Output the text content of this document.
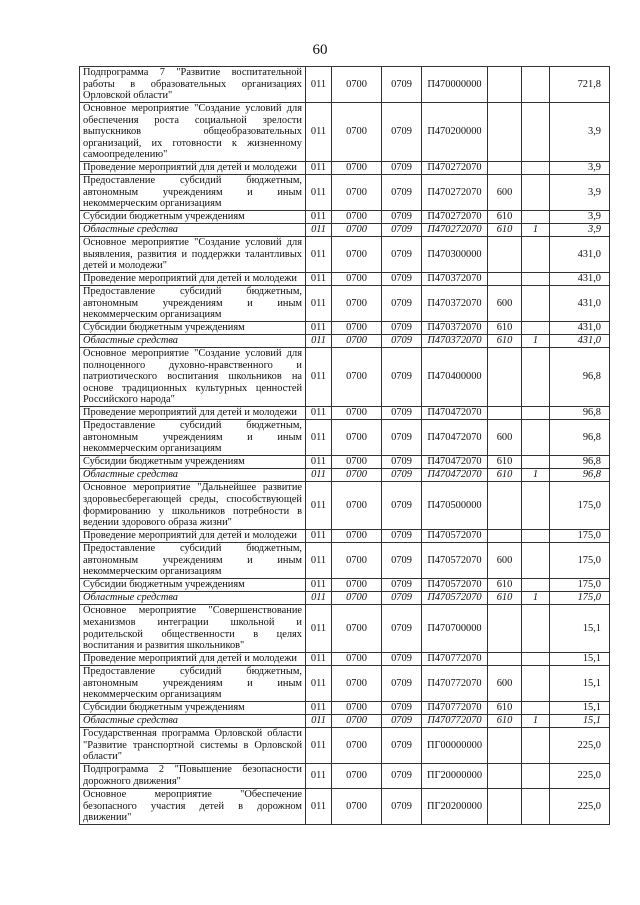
60
Подпрограмма 7 "Развитие воспитательной работы в образовательных организациях Орловской области"	011	0700	0709	П470000000			721,8
Основное мероприятие "Создание условий для обеспечения роста социальной зрелости выпускников общеобразовательных организаций, их готовности к жизненному самоопределению"	011	0700	0709	П470200000			3,9
Проведение мероприятий для детей и молодежи	011	0700	0709	П470272070			3,9
Предоставление субсидий бюджетным, автономным учреждениям и иным некоммерческим организациям	011	0700	0709	П470272070	600		3,9
Субсидии бюджетным учреждениям	011	0700	0709	П470272070	610		3,9
Областные средства	011	0700	0709	П470272070	610	1	3,9
Основное мероприятие "Создание условий для выявления, развития и поддержки талантливых детей и молодежи"	011	0700	0709	П470300000			431,0
Проведение мероприятий для детей и молодежи	011	0700	0709	П470372070			431,0
Предоставление субсидий бюджетным, автономным учреждениям и иным некоммерческим организациям	011	0700	0709	П470372070	600		431,0
Субсидии бюджетным учреждениям	011	0700	0709	П470372070	610		431,0
Областные средства	011	0700	0709	П470372070	610	1	431,0
Основное мероприятие "Создание условий для полноценного духовно-нравственного и патриотического воспитания школьников на основе традиционных культурных ценностей Российского народа"	011	0700	0709	П470400000			96,8
Проведение мероприятий для детей и молодежи	011	0700	0709	П470472070			96,8
Предоставление субсидий бюджетным, автономным учреждениям и иным некоммерческим организациям	011	0700	0709	П470472070	600		96,8
Субсидии бюджетным учреждениям	011	0700	0709	П470472070	610		96,8
Областные средства	011	0700	0709	П470472070	610	1	96,8
Основное мероприятие "Дальнейшее развитие здоровьесберегающей среды, способствующей формированию у школьников потребности в ведении здорового образа жизни"	011	0700	0709	П470500000			175,0
Проведение мероприятий для детей и молодежи	011	0700	0709	П470572070			175,0
Предоставление субсидий бюджетным, автономным учреждениям и иным некоммерческим организациям	011	0700	0709	П470572070	600		175,0
Субсидии бюджетным учреждениям	011	0700	0709	П470572070	610		175,0
Областные средства	011	0700	0709	П470572070	610	1	175,0
Основное мероприятие "Совершенствование механизмов интеграции школьной и родительской общественности в целях воспитания и развития школьников"	011	0700	0709	П470700000			15,1
Проведение мероприятий для детей и молодежи	011	0700	0709	П470772070			15,1
Предоставление субсидий бюджетным, автономным учреждениям и иным некоммерческим организациям	011	0700	0709	П470772070	600		15,1
Субсидии бюджетным учреждениям	011	0700	0709	П470772070	610		15,1
Областные средства	011	0700	0709	П470772070	610	1	15,1
Государственная программа Орловской области "Развитие транспортной системы в Орловской области"	011	0700	0709	ПГ00000000			225,0
Подпрограмма 2 "Повышение безопасности дорожного движения"	011	0700	0709	ПГ20000000			225,0
Основное мероприятие "Обеспечение безопасного участия детей в дорожном движении"	011	0700	0709	ПГ20200000			225,0
